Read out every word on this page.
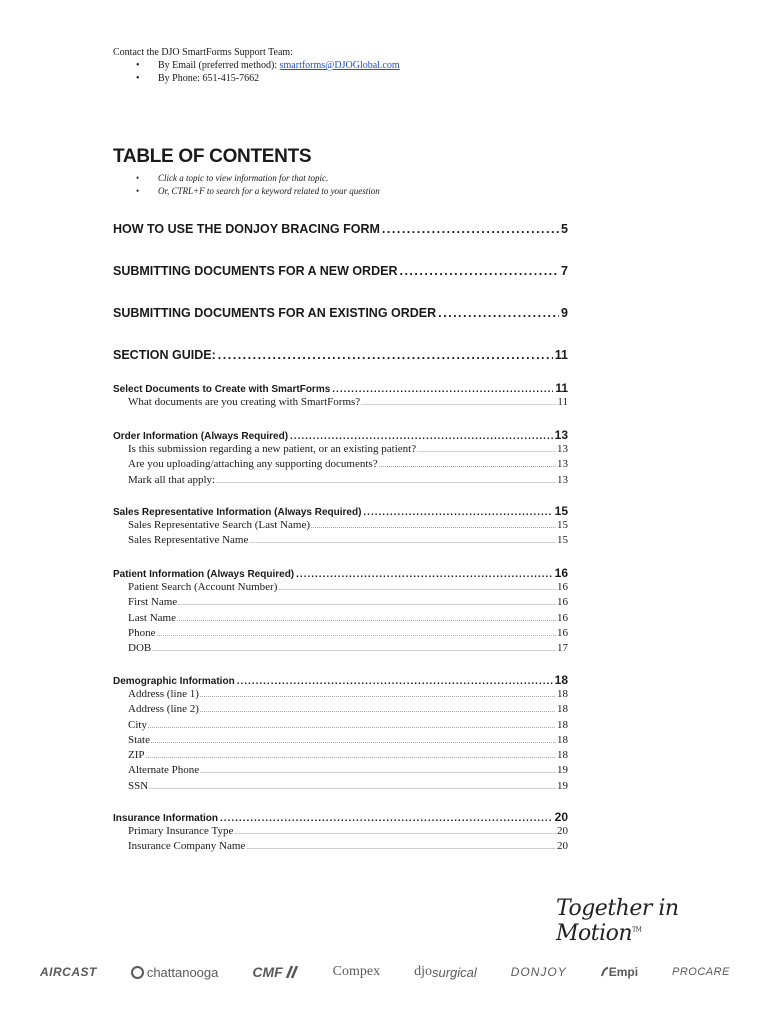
Contact the DJO SmartForms Support Team:
• By Email (preferred method): smartforms@DJOGlobal.com
• By Phone: 651-415-7662
TABLE OF CONTENTS
• Click a topic to view information for that topic.
• Or, CTRL+F to search for a keyword related to your question
HOW TO USE THE DONJOY BRACING FORM .....	5
SUBMITTING DOCUMENTS FOR A NEW ORDER .....	7
SUBMITTING DOCUMENTS FOR AN EXISTING ORDER .....	9
SECTION GUIDE: .....	11
Select Documents to Create with SmartForms .....	11
What documents are you creating with SmartForms? .....	11
Order Information (Always Required) .....	13
Is this submission regarding a new patient, or an existing patient? .....	13
Are you uploading/attaching any supporting documents? .....	13
Mark all that apply: .....	13
Sales Representative Information (Always Required) .....	15
Sales Representative Search (Last Name) .....	15
Sales Representative Name .....	15
Patient Information (Always Required) .....	16
Patient Search (Account Number) .....	16
First Name .....	16
Last Name .....	16
Phone .....	16
DOB .....	17
Demographic Information .....	18
Address (line 1) .....	18
Address (line 2) .....	18
City .....	18
State .....	18
ZIP .....	18
Alternate Phone .....	19
SSN .....	19
Insurance Information .....	20
Primary Insurance Type .....	20
Insurance Company Name .....	20
Together in Motion™
AIRCAST	chattanooga CMF	Compex djo surgical	DONJOY	Empi	PROCARE
